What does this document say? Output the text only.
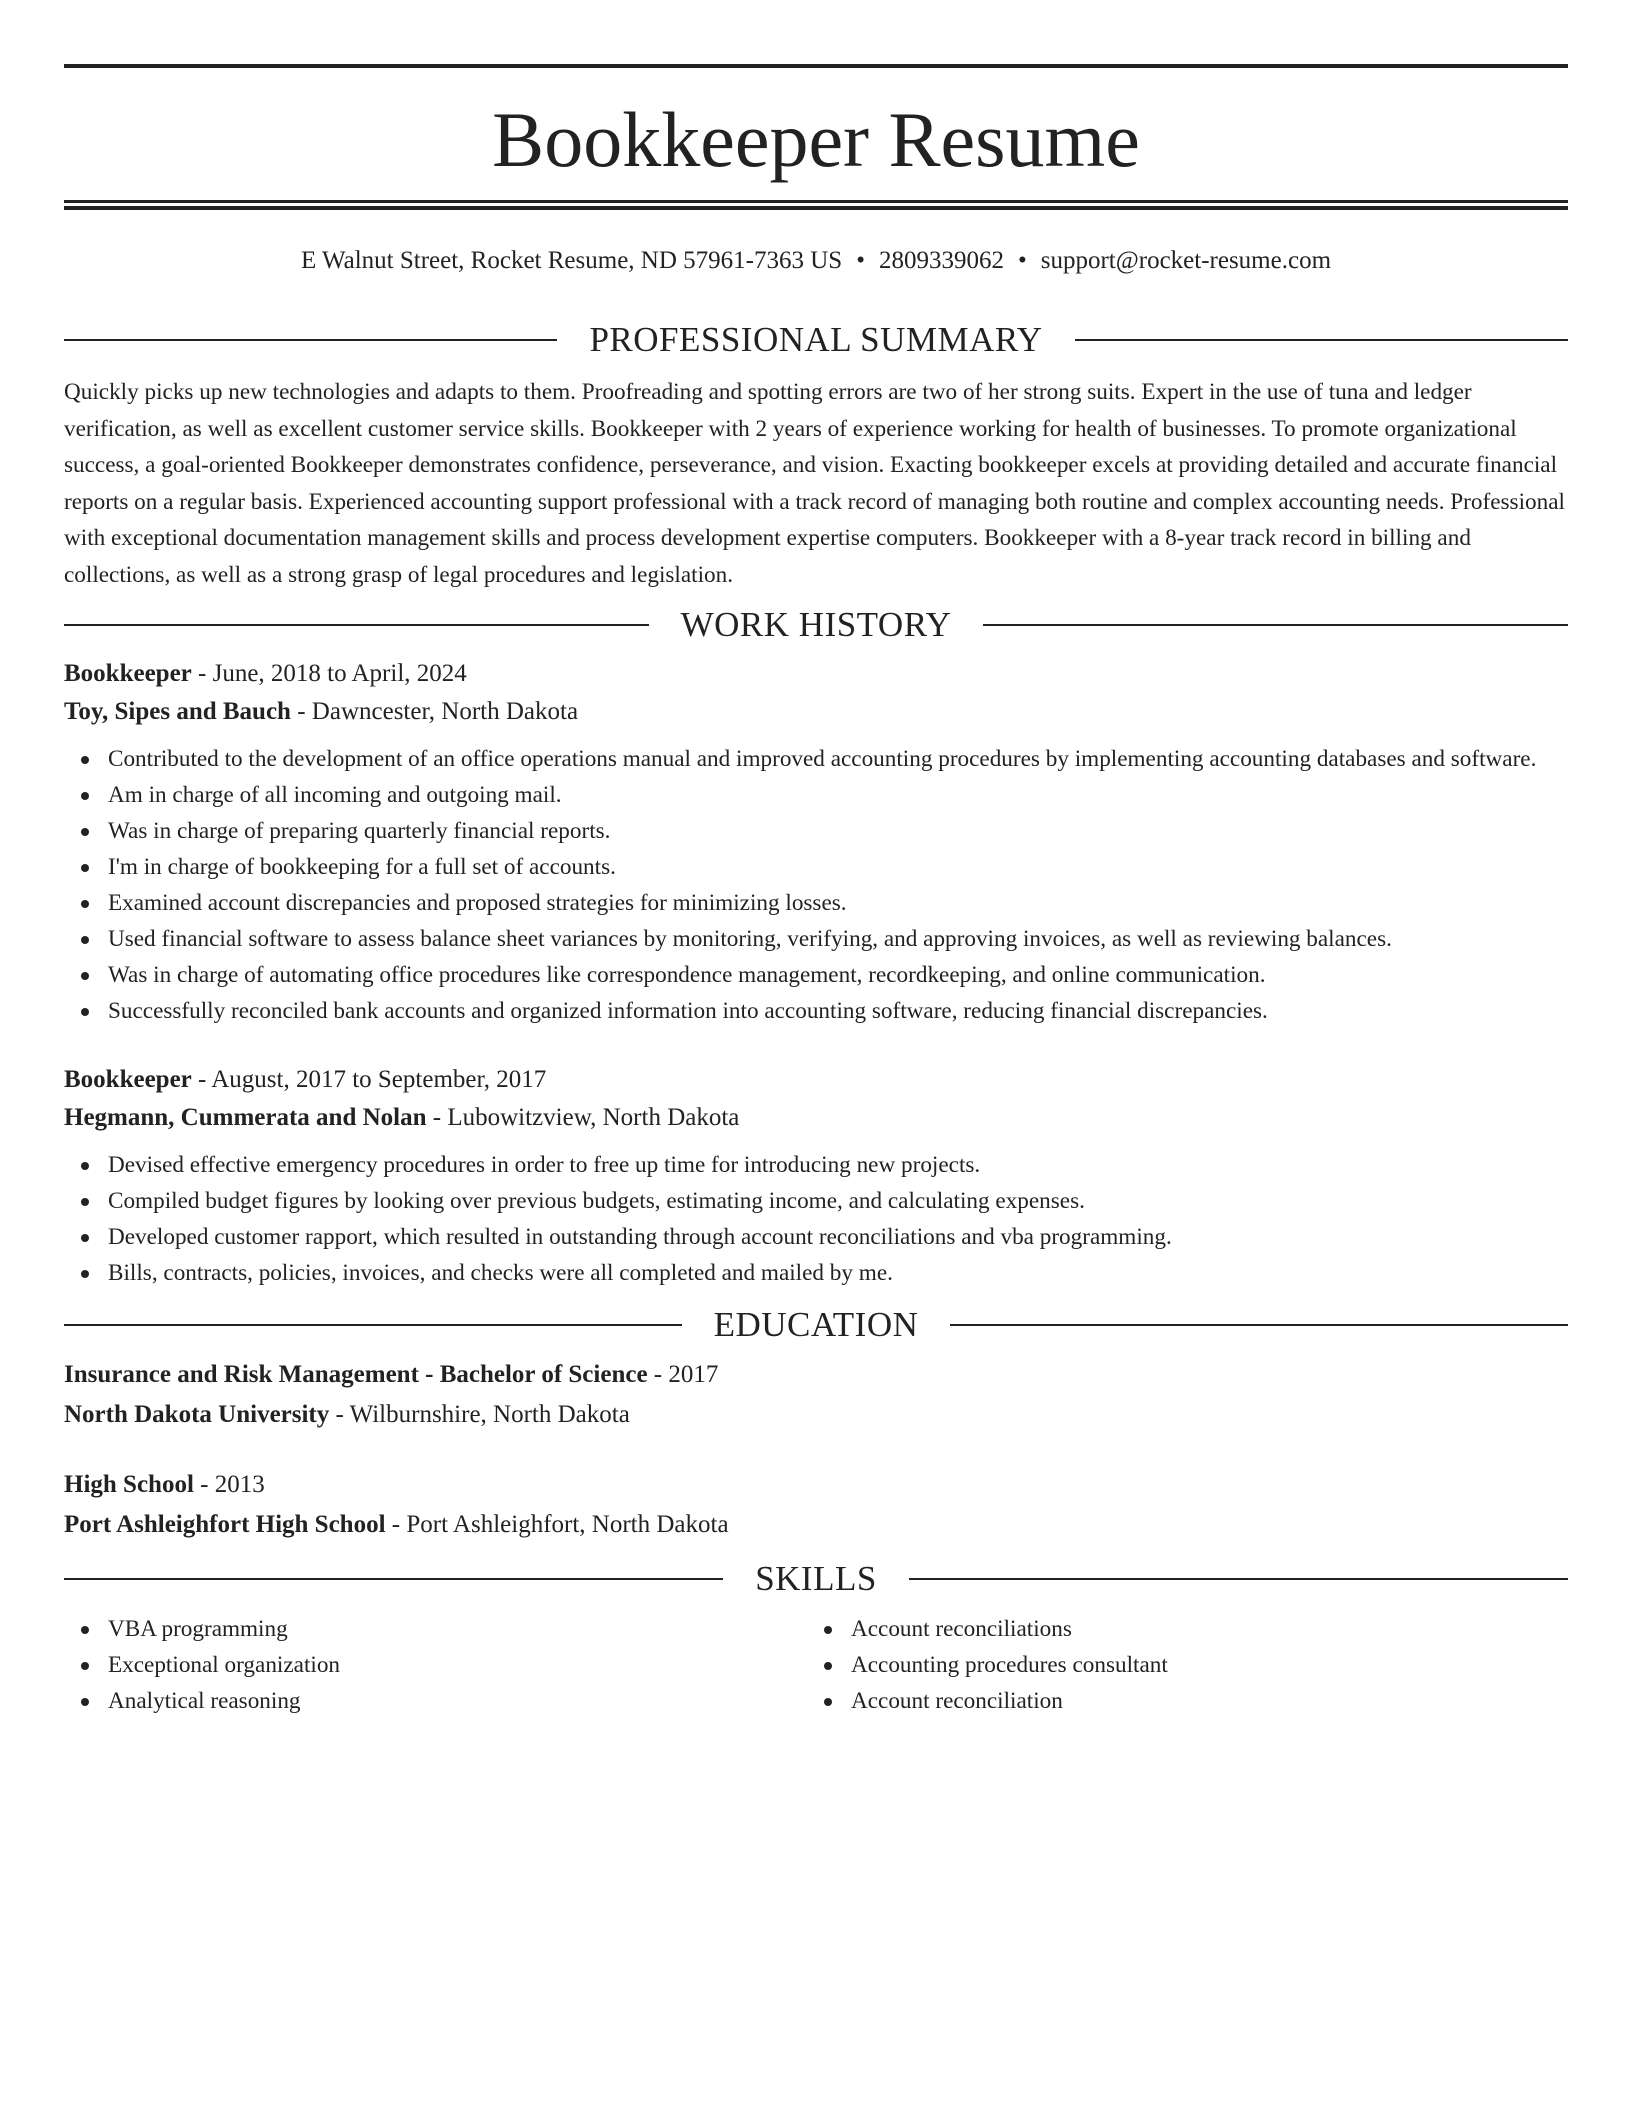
Bookkeeper Resume
E Walnut Street, Rocket Resume, ND 57961-7363 US • 2809339062 • support@rocket-resume.com
PROFESSIONAL SUMMARY

Quickly picks up new technologies and adapts to them. Proofreading and spotting errors are two of her strong suits. Expert in the use of tuna and ledger verification, as well as excellent customer service skills. Bookkeeper with 2 years of experience working for health of businesses. To promote organizational success, a goal-oriented Bookkeeper demonstrates confidence, perseverance, and vision. Exacting bookkeeper excels at providing detailed and accurate financial reports on a regular basis. Experienced accounting support professional with a track record of managing both routine and complex accounting needs. Professional with exceptional documentation management skills and process development expertise computers. Bookkeeper with a 8-year track record in billing and collections, as well as a strong grasp of legal procedures and legislation.

WORK HISTORY
Bookkeeper - June, 2018 to April, 2024
Toy, Sipes and Bauch - Dawncester, North Dakota
Contributed to the development of an office operations manual and improved accounting procedures by implementing accounting databases and software.
Am in charge of all incoming and outgoing mail.
Was in charge of preparing quarterly financial reports.
I'm in charge of bookkeeping for a full set of accounts.
Examined account discrepancies and proposed strategies for minimizing losses.
Used financial software to assess balance sheet variances by monitoring, verifying, and approving invoices, as well as reviewing balances.
Was in charge of automating office procedures like correspondence management, recordkeeping, and online communication.
Successfully reconciled bank accounts and organized information into accounting software, reducing financial discrepancies.
Bookkeeper - August, 2017 to September, 2017
Hegmann, Cummerata and Nolan - Lubowitzview, North Dakota
Devised effective emergency procedures in order to free up time for introducing new projects.
Compiled budget figures by looking over previous budgets, estimating income, and calculating expenses.
Developed customer rapport, which resulted in outstanding through account reconciliations and vba programming.
Bills, contracts, policies, invoices, and checks were all completed and mailed by me.
EDUCATION
Insurance and Risk Management - Bachelor of Science - 2017
North Dakota University - Wilburnshire, North Dakota
High School - 2013
Port Ashleighfort High School - Port Ashleighfort, North Dakota
SKILLS
VBA programming
Exceptional organization
Analytical reasoning
Account reconciliations
Accounting procedures consultant
Account reconciliation
